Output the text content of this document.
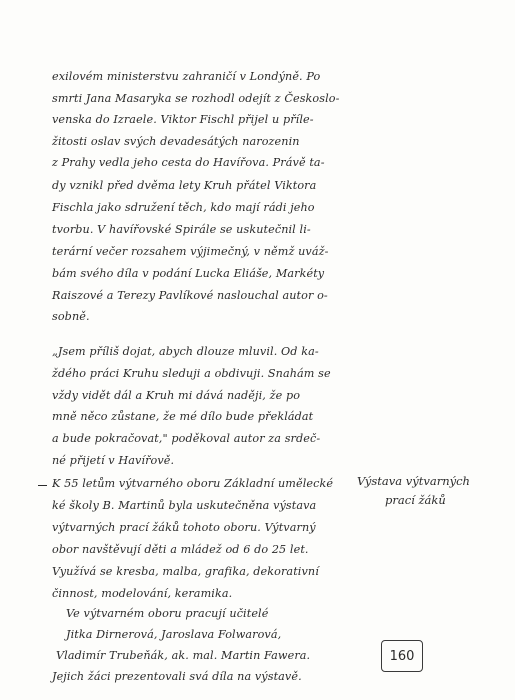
exilovém ministerstvu zahraničí v Londýně. Po
smrti Jana Masaryka se rozhodl odejít z Českoslo-
venska do Izraele. Viktor Fischl přijel u příle-
žitosti oslav svých devadesátých narozenin
z Prahy vedla jeho cesta do Havířova. Právě ta-
dy vznikl před dvěma lety Kruh přátel Viktora
Fischla jako sdružení těch, kdo mají rádi jeho
tvorbu. V havířovské Spirále se uskutečnil li-
terární večer rozsahem výjimečný, v němž uváž-
bám svého díla v podání Lucka Eliáše, Markéty
Raiszové a Terezy Pavlíkové naslouchal autor o-
sobně.
„Jsem příliš dojat, abych dlouze mluvil. Od ka-
ždého práci Kruhu sleduji a obdivuji. Snahám se
vždy vidět dál a Kruh mi dává naději, že po
mně něco zůstane, že mé dílo bude překládat
a bude pokračovat," poděkoval autor za srdeč-
né přijetí v Havířově.
K 55 letům výtvarného oboru Základní umělecké
ké školy B. Martinů byla uskutečněna výstava
výtvarných prací žáků tohoto oboru. Výtvarný
obor navštěvují děti a mládež od 6 do 25 let.
Využívá se kresba, malba, grafika, dekorativní
činnost, modelování, keramika.
Ve výtvarném oboru pracují učitelé
Jitka Dirnerová, Jaroslava Folwarová,
Vladimír Trubeňák, ak. mal. Martin Fawera.
Jejich žáci prezentovali svá díla na výstavě.
Výstava výtvarných
prací žáků
160
